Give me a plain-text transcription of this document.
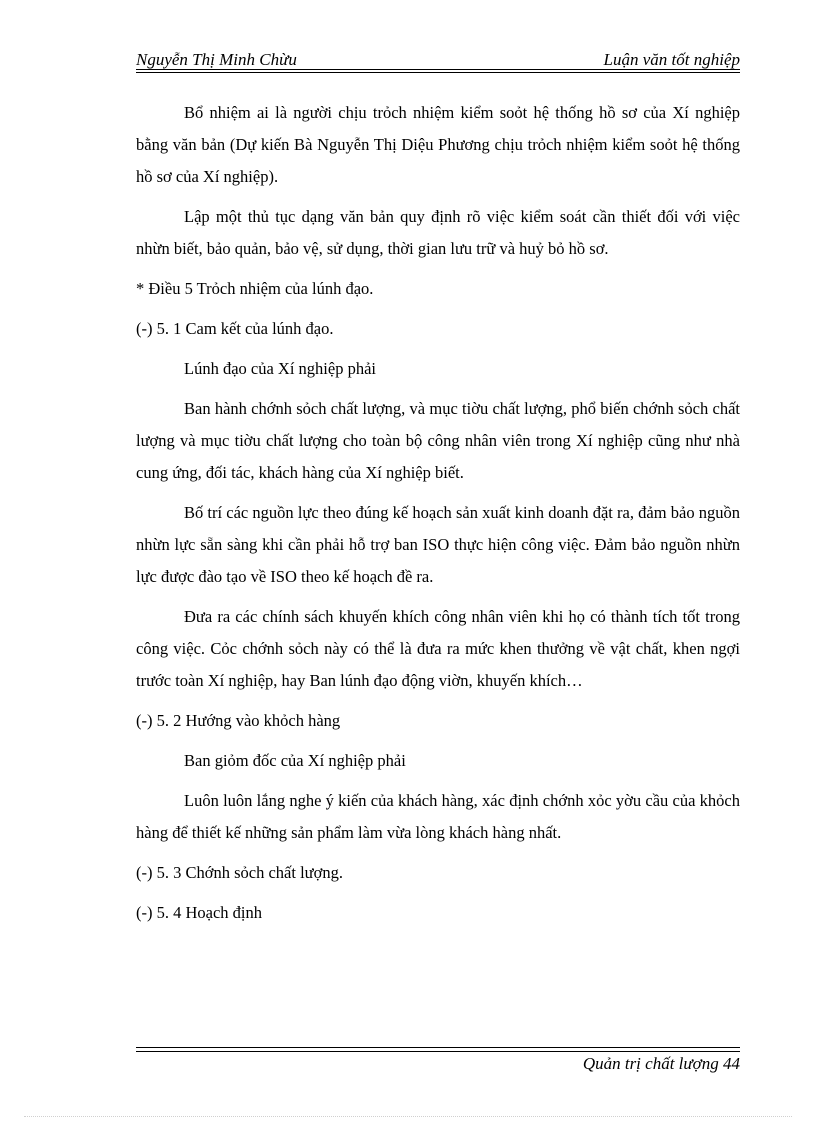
Nguyễn Thị Minh Chừu	Luận văn tốt nghiệp

Bổ nhiệm ai là người chịu trỏch nhiệm kiểm soỏt hệ thống hồ sơ của Xí nghiệp bằng văn bản (Dự kiến Bà Nguyễn Thị Diệu Phương chịu trỏch nhiệm kiểm soỏt hệ thống hồ sơ của Xí nghiệp).

Lập một thủ tục dạng văn bản quy định rõ việc kiểm soát cần thiết đối với việc nhừn biết, bảo quản, bảo vệ, sử dụng, thời gian lưu trữ và huỷ bỏ hồ sơ.

* Điều 5 Trỏch nhiệm của lúnh đạo.

(-) 5. 1 Cam kết của lúnh đạo.

Lúnh đạo của Xí nghiệp phải

Ban hành chớnh sỏch chất lượng, và mục tiờu chất lượng, phổ biến chớnh sỏch chất lượng và mục tiờu chất lượng cho toàn bộ công nhân viên trong Xí nghiệp cũng như nhà cung ứng, đối tác, khách hàng của Xí nghiệp biết.

Bố trí các nguồn lực theo đúng kế hoạch sản xuất kinh doanh đặt ra, đảm bảo nguồn nhừn lực sẵn sàng khi cần phải hỗ trợ ban ISO thực hiện công việc. Đảm bảo nguồn nhừn lực được đào tạo về ISO theo kế hoạch đề ra.

Đưa ra các chính sách khuyến khích công nhân viên khi họ có thành tích tốt trong công việc. Cỏc chớnh sỏch này có thể là đưa ra mức khen thưởng về vật chất, khen ngợi trước toàn Xí nghiệp, hay Ban lúnh đạo động viờn, khuyến khích…

(-) 5. 2 Hướng vào khỏch hàng

Ban giỏm đốc của Xí nghiệp phải

Luôn luôn lắng nghe ý kiến của khách hàng, xác định chớnh xỏc yờu cầu của khỏch hàng để thiết kế những sản phẩm làm vừa lòng khách hàng nhất.

(-) 5. 3 Chớnh sỏch chất lượng.

(-) 5. 4 Hoạch định

Quản trị chất lượng 44
